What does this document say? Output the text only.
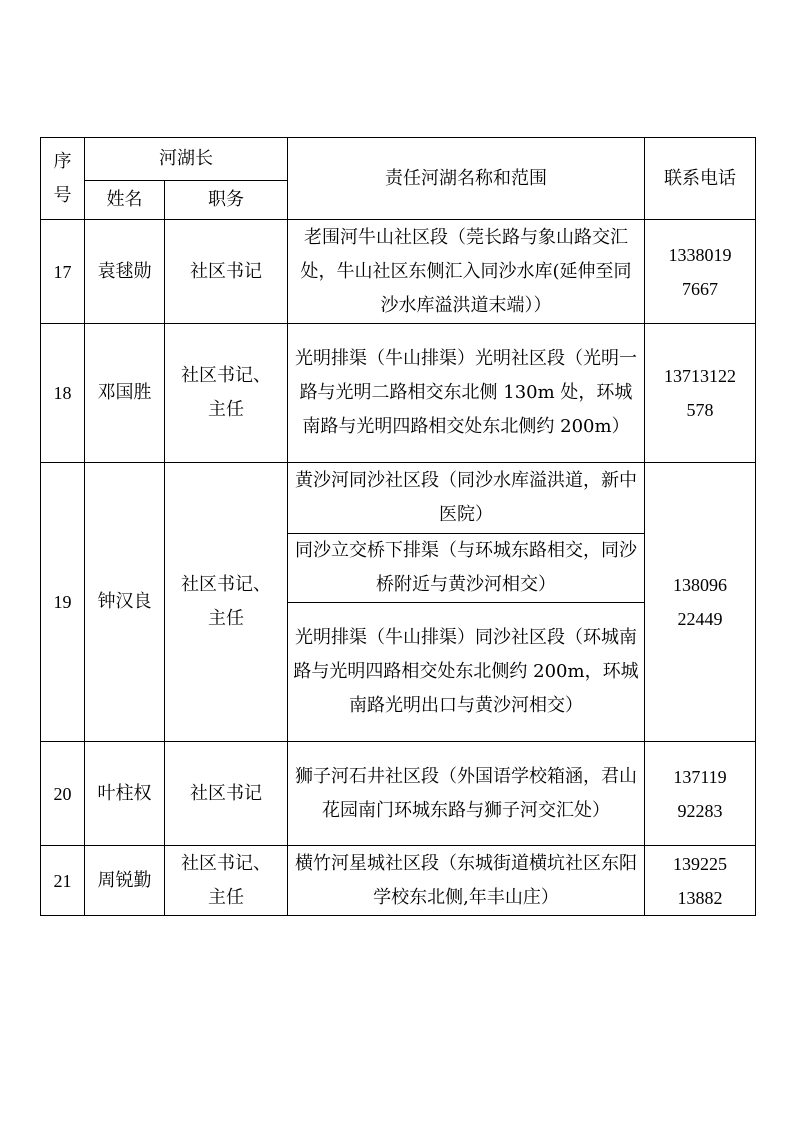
序
号	河湖长		责任河湖名称和范围	联系电话
	姓名	职务		
17	袁毬勋	社区书记	老围河牛山社区段（莞长路与象山路交汇处，牛山社区东侧汇入同沙水库(延伸至同沙水库溢洪道末端））	1338019
7667

18	邓国胜	社区书记、
主任	光明排渠（牛山排渠）光明社区段（光明一路与光明二路相交东北侧 130m 处，环城南路与光明四路相交处东北侧约 200m）	13713122
578

19	钟汉良	社区书记、
主任	黄沙河同沙社区段（同沙水库溢洪道，新中医院）	138096
22449

			同沙立交桥下排渠（与环城东路相交，同沙桥附近与黄沙河相交）	
			光明排渠（牛山排渠）同沙社区段（环城南路与光明四路相交处东北侧约 200m，环城南路光明出口与黄沙河相交）	
20	叶柱权	社区书记	狮子河石井社区段（外国语学校箱涵，君山花园南门环城东路与狮子河交汇处）	137119
92283

21	周锐勤	社区书记、
主任	横竹河星城社区段（东城街道横坑社区东阳学校东北侧,年丰山庄）	139225
13882
